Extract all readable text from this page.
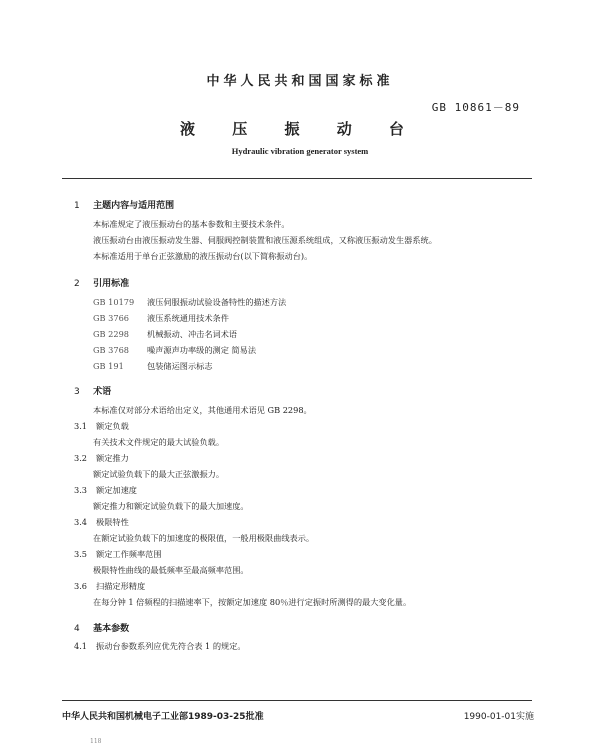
中华人民共和国国家标准
GB 10861－89
液 压 振 动 台
Hydraulic vibration generator system
1 主题内容与适用范围
本标准规定了液压振动台的基本参数和主要技术条件。
液压振动台由液压振动发生器、伺服阀控制装置和液压源系统组成，又称液压振动发生器系统。
本标准适用于单台正弦激励的液压振动台(以下简称振动台)。
2 引用标准
GB 10179 液压伺服振动试验设备特性的描述方法
GB 3766 液压系统通用技术条件
GB 2298 机械振动、冲击名词术语
GB 3768 噪声源声功率级的测定 简易法
GB 191	包装储运图示标志
3 术语
本标准仅对部分术语给出定义，其他通用术语见 GB 2298。
3.1 额定负载
有关技术文件规定的最大试验负载。
3.2 额定推力
额定试验负载下的最大正弦激振力。
3.3 额定加速度
额定推力和额定试验负载下的最大加速度。
3.4 极限特性
在额定试验负载下的加速度的极限值，一般用极限曲线表示。
3.5 额定工作频率范围
极限特性曲线的最低频率至最高频率范围。
3.6 扫描定形精度
在每分钟 1 倍频程的扫描速率下，按额定加速度 80％进行定振时所测得的最大变化量。
4 基本参数
4.1 振动台参数系列应优先符合表 1 的规定。
中华人民共和国机械电子工业部1989-03-25批准	1990-01-01实施
118
